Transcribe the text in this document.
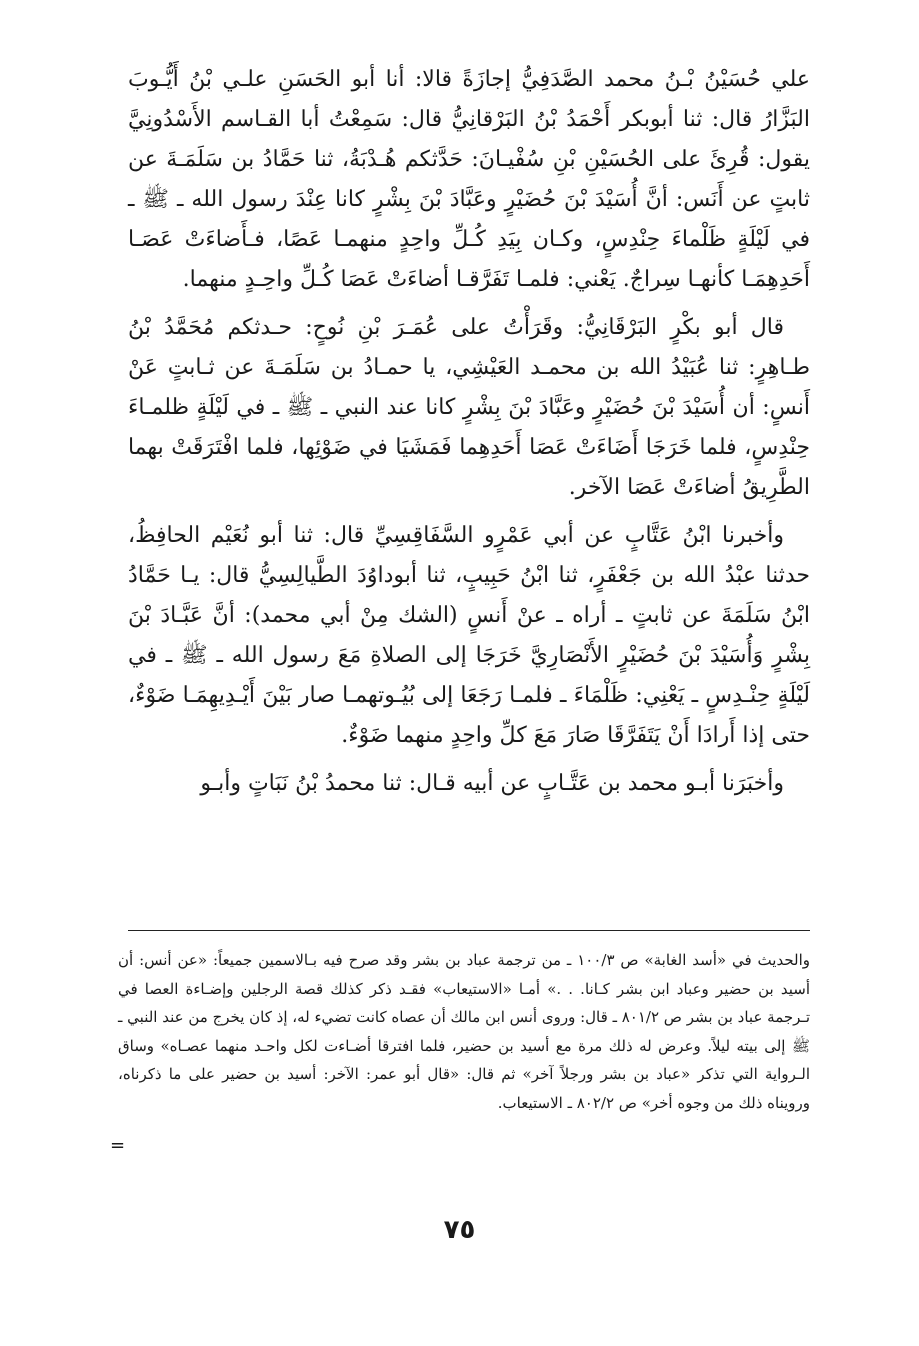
علي حُسَيْنُ بْـنُ محمد الصَّدَفِيُّ إجازَةً قالا: أنا أبو الحَسَنِ علـي بْنُ أَيُّـوبَ البَزَّارُ قال: ثنا أبوبكر أَحْمَدُ بْنُ البَرْقانِيُّ قال: سَمِعْتُ أبا القـاسم الأَسْدُونِيَّ يقول: قُرِئَ على الحُسَيْنِ بْنِ سُفْيـانَ: حَدَّثكم هُـدْبَةُ، ثنا حَمَّادُ بن سَلَمَـةَ عن ثابتٍ عن أَنَس: أنَّ أُسَيْدَ بْنَ حُضَيْرٍ وعَبَّادَ بْنَ بِشْرٍ كانا عِنْدَ رسول الله ـ ﷺ ـ في لَيْلَةٍ ظَلْماءَ حِنْدِسٍ، وكـان بِيَدِ كُـلِّ واحِدٍ منهمـا عَصًا، فـأَضاءَتْ عَصَـا أَحَدِهِمَـا كأنهـا سِراجٌ. يَعْني: فلمـا تَفَرَّقـا أضاءَتْ عَصَا كُـلِّ واحِـدٍ منهما.

قال أبو بكْرٍ البَرْقَانِيُّ: وقَرَأْتُ على عُمَـرَ بْنِ نُوحٍ: حـدثكم مُحَمَّدُ بْنُ طـاهِرٍ: ثنا عُبَيْدُ الله بن محمـد العَيْشِي، يا حمـادُ بن سَلَمَـةَ عن ثـابتٍ عَنْ أَنسٍ: أن أُسَيْدَ بْنَ حُضَيْرٍ وعَبَّادَ بْنَ بِشْرٍ كانا عند النبي ـ ﷺ ـ في لَيْلَةٍ ظلمـاءَ حِنْدِسٍ، فلما خَرَجَا أَضَاءَتْ عَصَا أَحَدِهِما فَمَشَيَا في ضَوْئِها، فلما افْتَرَقَتْ بهما الطَّرِيقُ أضاءَتْ عَصَا الآخر.

وأخبرنا ابْنُ عَتَّابٍ عن أبي عَمْرٍو السَّفَاقِسِيِّ قال: ثنا أبو نُعَيْم الحافِظُ، حدثنا عبْدُ الله بن جَعْفَرٍ، ثنا ابْنُ حَبِيبٍ، ثنا أبوداوُدَ الطَّيالِسِيُّ قال: يـا حَمَّادُ ابْنُ سَلَمَةَ عن ثابتٍ ـ أراه ـ عنْ أَنسٍ (الشك مِنْ أبي محمد): أنَّ عَبَّـادَ بْنَ بِشْرٍ وَأُسَيْدَ بْنَ حُضَيْرٍ الأَنْصَارِيَّ خَرَجَا إلى الصلاةِ مَعَ رسول الله ـ ﷺ ـ في لَيْلَةٍ حِنْـدِسٍ ـ يَعْنِي: ظَلْمَاءَ ـ فلمـا رَجَعَا إلى بُيُـوتهمـا صار بَيْنَ أَيْـدِيهِمَـا ضَوْءٌ، حتى إذا أَرادَا أَنْ يَتَفَرَّقَا صَارَ مَعَ كلِّ واحِدٍ منهما ضَوْءٌ.

وأخبَرَنا أبـو محمد بن عَتَّـابٍ عن أبيه قـال: ثنا محمدُ بْنُ نَبَاتٍ وأبـو

والحديث في «أسد الغابة» ص ١٠٠/٣ ـ من ترجمة عباد بن بشر وقد صرح فيه بـالاسمين جميعاً: «عن أنس: أن أسيد بن حضير وعباد ابن بشر كـانا. . .» أمـا «الاستيعاب» فقـد ذكر كذلك قصة الرجلين وإضـاءة العصا في تـرجمة عباد بن بشر ص ٨٠١/٢ ـ قال: وروى أنس ابن مالك أن عصاه كانت تضيء له، إذ كان يخرج من عند النبي ـ ﷺ إلى بيته ليلاً. وعرض له ذلك مرة مع أسيد بن حضير، فلما افترقا أضـاءت لكل واحـد منهما عصـاه» وساق الـرواية التي تذكر «عباد بن بشر ورجلاً آخر» ثم قال: «قال أبو عمر: الآخر: أسيد بن حضير على ما ذكرناه، ورويناه ذلك من وجوه أخر» ص ٨٠٢/٢ ـ الاستيعاب.

=
٧٥
